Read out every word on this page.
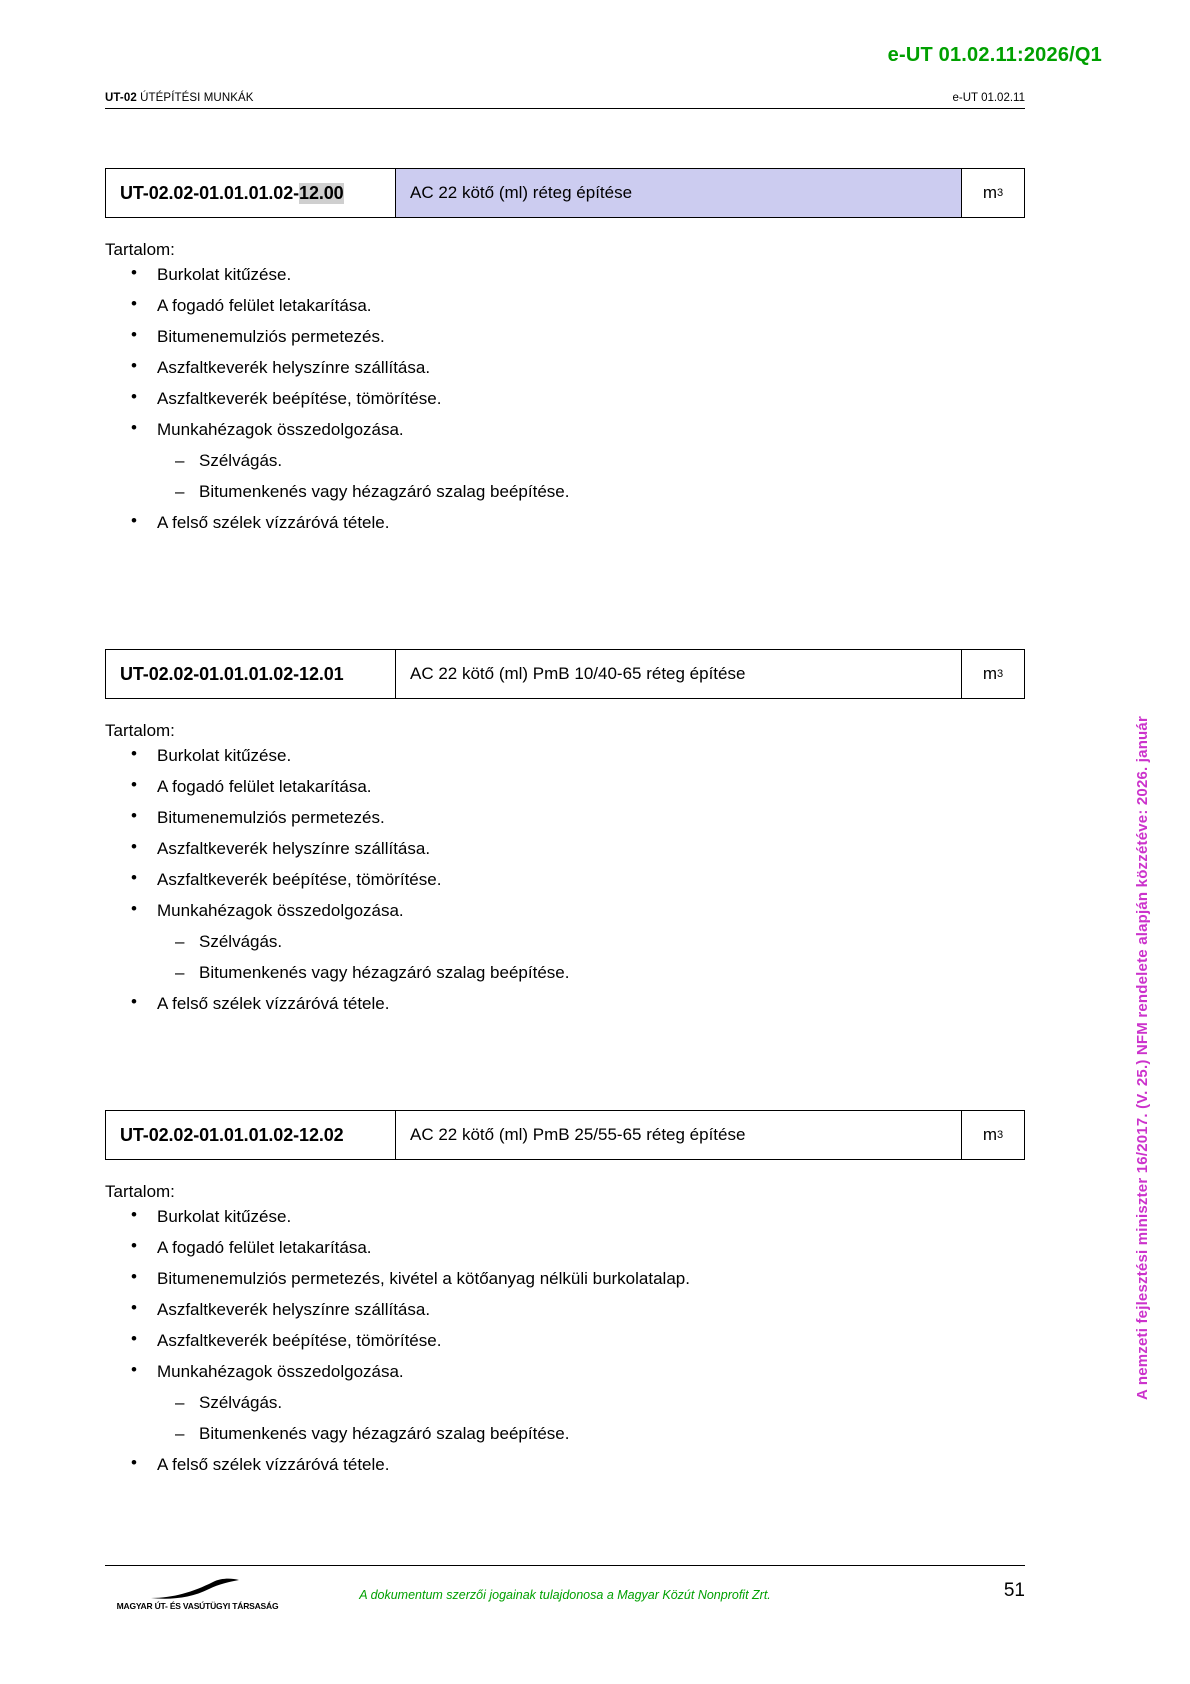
e-UT 01.02.11:2026/Q1
UT-02 ÚTÉPÍTÉSI MUNKÁK	e-UT 01.02.11
A nemzeti fejlesztési miniszter 16/2017. (V. 25.) NFM rendelete alapján közzétéve: 2026. január
UT-02.02-01.01.01.02- 12.00	AC 22 kötő (ml) réteg építése	m 3
Tartalom:
• Burkolat kitűzése.
• A fogadó felület letakarítása.
• Bitumenemulziós permetezés.
• Aszfaltkeverék helyszínre szállítása.
• Aszfaltkeverék beépítése, tömörítése.
• Munkahézagok összedolgozása.
– Szélvágás.
– Bitumenkenés vagy hézagzáró szalag beépítése.
• A felső szélek vízzáróvá tétele.
UT-02.02-01.01.01.02- 12.01	AC 22 kötő (ml) PmB 10/40-65 réteg építése	m 3
Tartalom:
• Burkolat kitűzése.
• A fogadó felület letakarítása.
• Bitumenemulziós permetezés.
• Aszfaltkeverék helyszínre szállítása.
• Aszfaltkeverék beépítése, tömörítése.
• Munkahézagok összedolgozása.
– Szélvágás.
– Bitumenkenés vagy hézagzáró szalag beépítése.
• A felső szélek vízzáróvá tétele.
UT-02.02-01.01.01.02- 12.02	AC 22 kötő (ml) PmB 25/55-65 réteg építése	m 3
Tartalom:
• Burkolat kitűzése.
• A fogadó felület letakarítása.
• Bitumenemulziós permetezés, kivétel a kötőanyag nélküli burkolatalap.
• Aszfaltkeverék helyszínre szállítása.
• Aszfaltkeverék beépítése, tömörítése.
• Munkahézagok összedolgozása.
– Szélvágás.
– Bitumenkenés vagy hézagzáró szalag beépítése.
• A felső szélek vízzáróvá tétele.
MAGYAR ÚT- ÉS VASÚTÜGYI TÁRSASÁG
A dokumentum szerzői jogainak tulajdonosa a Magyar Közút Nonprofit Zrt.	51
